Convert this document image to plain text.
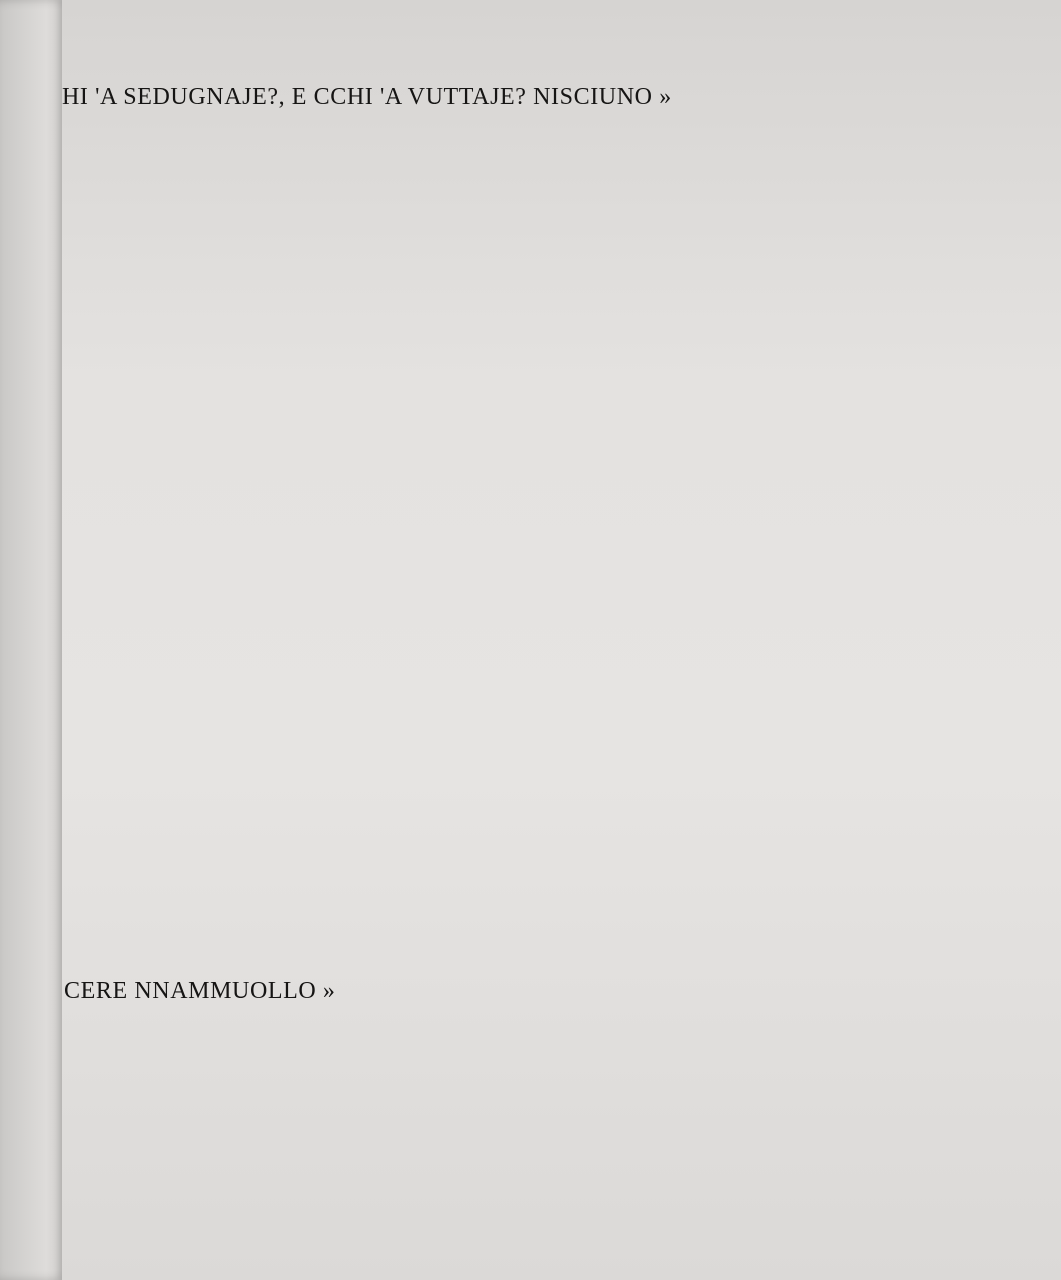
HI 'A SEDUGNAJE?, E CCHI 'A VUTTAJE? NISCIUNO »
CERE NNAMMUOLLO »
